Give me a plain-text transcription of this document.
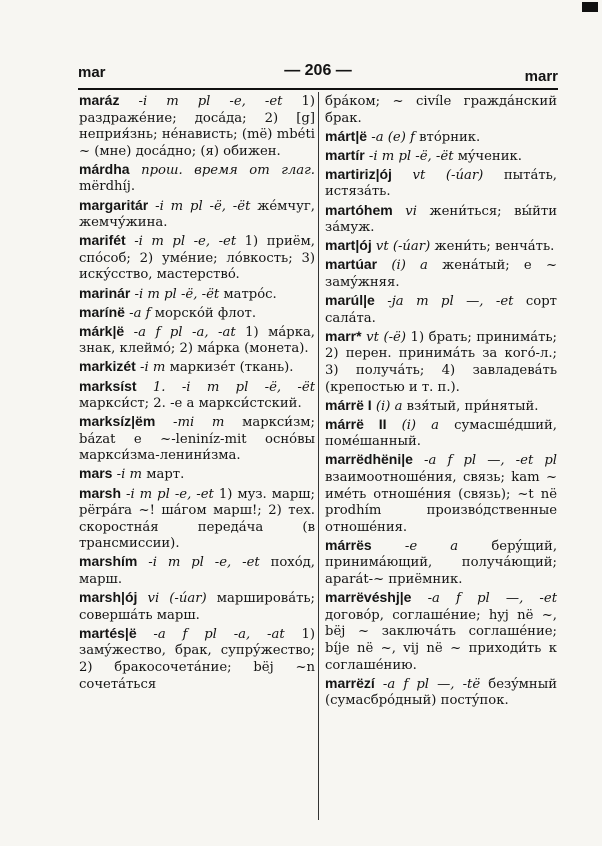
mar	— 206 —	marr
maráz -i m pl -e, -et 1) раздражéние; досáда; 2) [g] неприя́знь; нéнависть; (më) mbéti ~ (мне) досáдно; (я) обижен.
márdha прош. время от глаг. mërdhíj.
margaritár -i m pl -ë, -ët жéмчуг, жемчу́жина.
marifét -i m pl -e, -et 1) приём, спóсоб; 2) умéние; лóвкость; 3) искýсство, мастерствó.
marinár -i m pl -ë, -ët матрóс.
marínë -a f морскóй флот.
márk|ë -a f pl -a, -at 1) мáрка, знак, клеймó; 2) мáрка (монета).
markizét -i m маркизéт (ткань).
marksíst 1. -i m pl -ë, -ët маркси́ст; 2. -e a маркси́стский.
marksíz|ëm -mi m маркси́зм; bázat e ~-leniníz-mit оснóвы маркси́зма-ленини́зма.
mars -i m март.
marsh -i m pl -e, -et 1) муз. марш; përpára ~! шáгом марш!; 2) тех. скоростнáя передáча (в трансмиссии).
marshím -i m pl -e, -et похóд, марш.
marsh|ój vi (-úar) маршировáть; совершáть марш.
martés|ë -a f pl -a, -at 1) замýжество, брак, супрýжество; 2) бракосочетáние; bëj ~n сочетáться
брáком; ~ civíle граждáнский брак.
márt|ë -a (e) f втóрник.
martír -i m pl -ë, -ët мýченик.
martiriz|ój vt (-úar) пытáть, истязáть.
martóhem vi жени́ться; вы́йти зáмуж.
mart|ój vt (-úar) жени́ть; венчáть.
martúar (i) a женáтый; e ~ замýжняя.
marúl|e -ja m pl —, -et сорт салáта.
marr* vt (-ë) 1) брать; принимáть; 2) перен. принимáть за когó-л.; 3) получáть; 4) завладевáть (крепостью и т. п.).
márrë I (i) a взя́тый, при́нятый.
márrë II (i) a сумасшéдший, помéшанный.
marrëdhëni|e -a f pl —, -et pl взаимоотношéния, связь; kam ~ имéть отношéния (связь); ~t në prodhím произвóдственные отношéния.
márrës -e a берýщий, принимáющий, получáющий; aparát-~ приёмник.
marrëvéshj|e -a f pl —, -et договóр, соглашéние; hyj në ~, bëj ~ заключáть соглашéние; bíje në ~, vij në ~ приходи́ть к соглашéнию.
marrëzí -a f pl —, -të безýмный (сумасбрóдный) постýпок.
